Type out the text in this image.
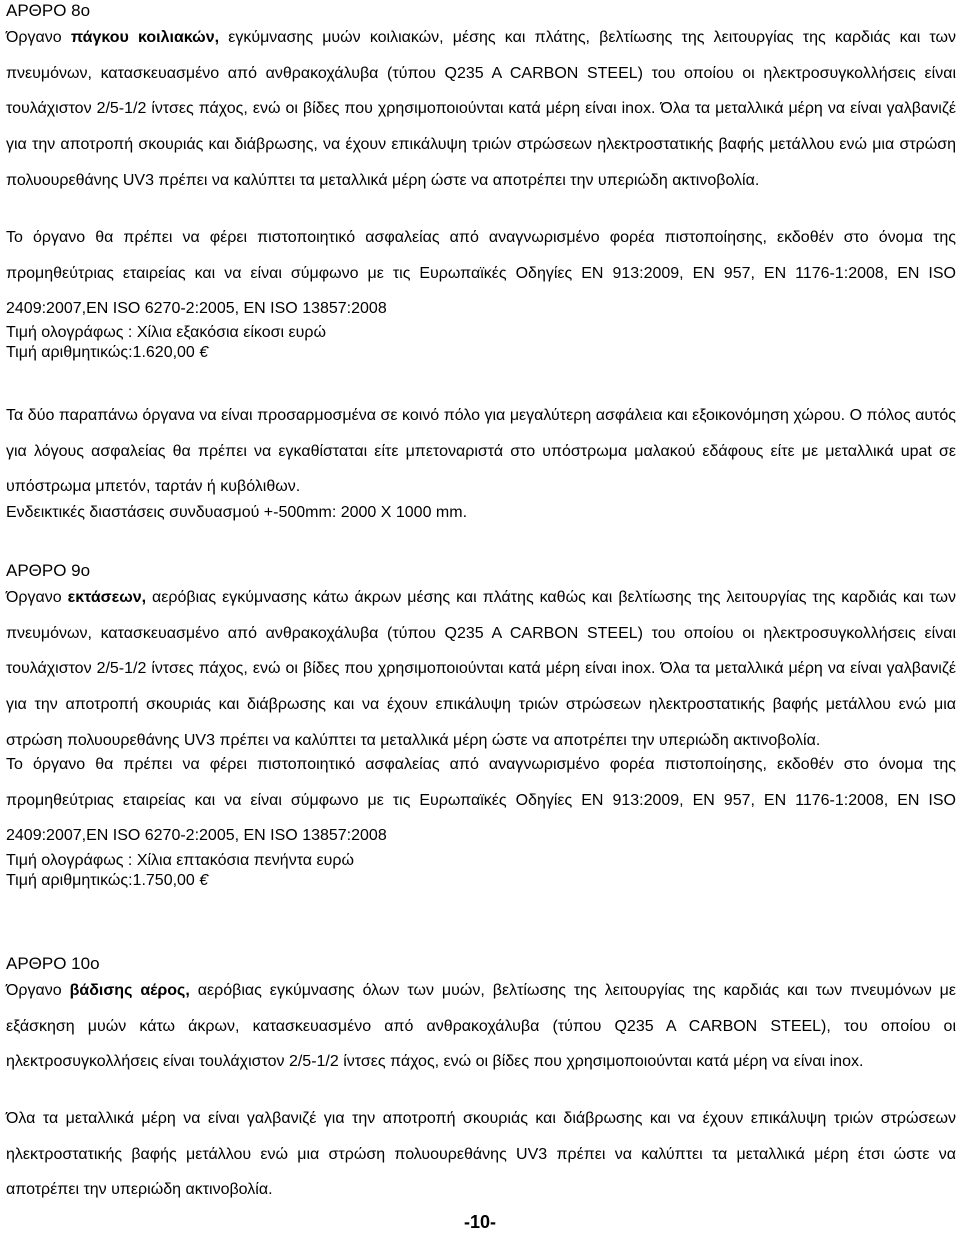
ΑΡΘΡΟ 8ο

Όργανο πάγκου κοιλιακών, εγκύμνασης μυών κοιλιακών, μέσης και πλάτης, βελτίωσης της λειτουργίας της καρδιάς και των πνευμόνων, κατασκευασμένο από ανθρακοχάλυβα (τύπου Q235 A CARBON STEEL) του οποίου οι ηλεκτροσυγκολλήσεις είναι τουλάχιστον 2/5-1/2 ίντσες πάχος, ενώ οι βίδες που χρησιμοποιούνται κατά μέρη είναι inox. Όλα τα μεταλλικά μέρη να είναι γαλβανιζέ για την αποτροπή σκουριάς και διάβρωσης, να έχουν επικάλυψη τριών στρώσεων ηλεκτροστατικής βαφής μετάλλου ενώ μια στρώση πολυουρεθάνης UV3 πρέπει να καλύπτει τα μεταλλικά μέρη ώστε να αποτρέπει την υπεριώδη ακτινοβολία.

Το όργανο θα πρέπει να φέρει πιστοποιητικό ασφαλείας από αναγνωρισμένο φορέα πιστοποίησης, εκδοθέν στο όνομα της προμηθεύτριας εταιρείας και να είναι σύμφωνο με τις Ευρωπαϊκές Οδηγίες EN 913:2009, EN 957, EN 1176-1:2008, EN ISO 2409:2007,EN ISO 6270-2:2005, EN ISO 13857:2008

Τιμή ολογράφως : Χίλια εξακόσια είκοσι ευρώ

Τιμή αριθμητικώς:1.620,00 €

Τα δύο παραπάνω όργανα να είναι προσαρμοσμένα σε κοινό πόλο για μεγαλύτερη ασφάλεια και εξοικονόμηση χώρου. Ο πόλος αυτός για λόγους ασφαλείας θα πρέπει να εγκαθίσταται είτε μπετοναριστά στο υπόστρωμα μαλακού εδάφους είτε με μεταλλικά upat σε υπόστρωμα μπετόν, ταρτάν ή κυβόλιθων.

Ενδεικτικές διαστάσεις συνδυασμού +-500mm: 2000 Χ 1000 mm.

ΑΡΘΡΟ 9ο

Όργανο εκτάσεων, αερόβιας εγκύμνασης κάτω άκρων μέσης και πλάτης καθώς και βελτίωσης της λειτουργίας της καρδιάς και των πνευμόνων, κατασκευασμένο από ανθρακοχάλυβα (τύπου Q235 A CARBON STEEL) του οποίου οι ηλεκτροσυγκολλήσεις είναι τουλάχιστον 2/5-1/2 ίντσες πάχος, ενώ οι βίδες που χρησιμοποιούνται κατά μέρη είναι inox. Όλα τα μεταλλικά μέρη να είναι γαλβανιζέ για την αποτροπή σκουριάς και διάβρωσης και να έχουν επικάλυψη τριών στρώσεων ηλεκτροστατικής βαφής μετάλλου ενώ μια στρώση πολυουρεθάνης UV3 πρέπει να καλύπτει τα μεταλλικά μέρη ώστε να αποτρέπει την υπεριώδη ακτινοβολία.

Το όργανο θα πρέπει να φέρει πιστοποιητικό ασφαλείας από αναγνωρισμένο φορέα πιστοποίησης, εκδοθέν στο όνομα της προμηθεύτριας εταιρείας και να είναι σύμφωνο με τις Ευρωπαϊκές Οδηγίες EN 913:2009, EN 957, EN 1176-1:2008, EN ISO 2409:2007,EN ISO 6270-2:2005, EN ISO 13857:2008

Τιμή ολογράφως : Χίλια επτακόσια πενήντα ευρώ

Τιμή αριθμητικώς:1.750,00 €

ΑΡΘΡΟ 10ο

Όργανο βάδισης αέρος, αερόβιας εγκύμνασης όλων των μυών, βελτίωσης της λειτουργίας της καρδιάς και των πνευμόνων με εξάσκηση μυών κάτω άκρων, κατασκευασμένο από ανθρακοχάλυβα (τύπου Q235 A CARBON STEEL), του οποίου οι ηλεκτροσυγκολλήσεις είναι τουλάχιστον 2/5-1/2 ίντσες πάχος, ενώ οι βίδες που χρησιμοποιούνται κατά μέρη να είναι inox.

Όλα τα μεταλλικά μέρη να είναι γαλβανιζέ για την αποτροπή σκουριάς και διάβρωσης και να έχουν επικάλυψη τριών στρώσεων ηλεκτροστατικής βαφής μετάλλου ενώ μια στρώση πολυουρεθάνης UV3 πρέπει να καλύπτει τα μεταλλικά μέρη έτσι ώστε να αποτρέπει την υπεριώδη ακτινοβολία.

-10-
